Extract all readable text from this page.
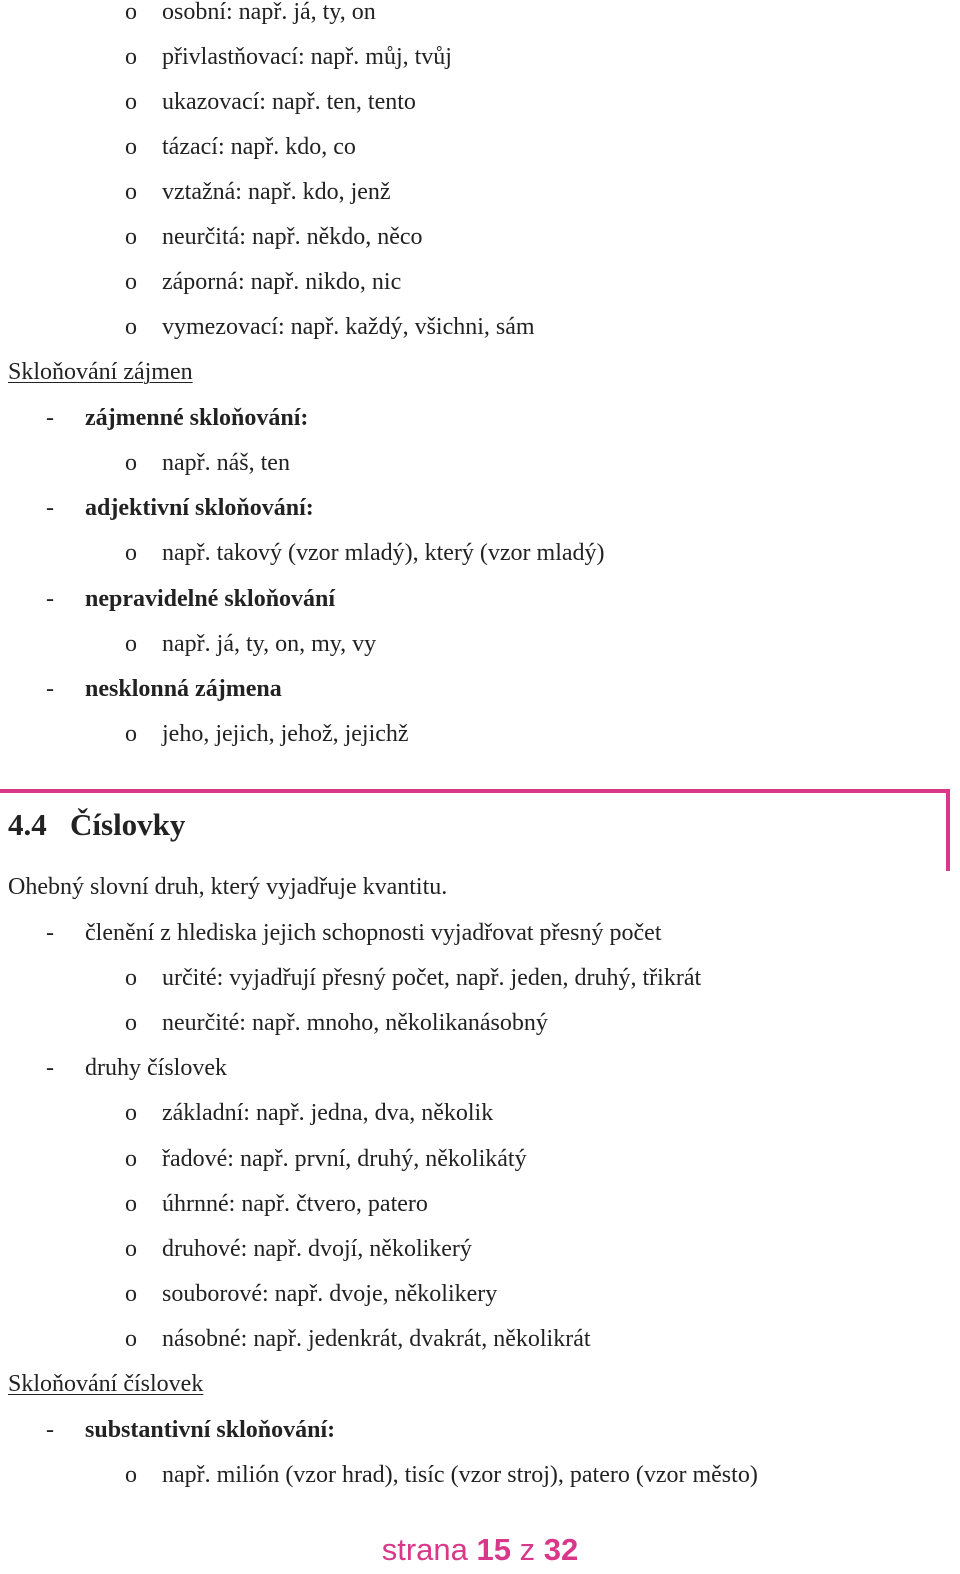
o osobní: např. já, ty, on
o přivlastňovací: např. můj, tvůj
o ukazovací: např. ten, tento
o tázací: např. kdo, co
o vztažná: např. kdo, jenž
o neurčitá: např. někdo, něco
o záporná: např. nikdo, nic
o vymezovací: např. každý, všichni, sám
Skloňování zájmen
- zájmenné skloňování:
o např. náš, ten
- adjektivní skloňování:
o např. takový (vzor mladý), který (vzor mladý)
- nepravidelné skloňování
o např. já, ty, on, my, vy
- nesklonná zájmena
o jeho, jejich, jehož, jejichž
4.4 Číslovky
Ohebný slovní druh, který vyjadřuje kvantitu.
- členění z hlediska jejich schopnosti vyjadřovat přesný počet
o určité: vyjadřují přesný počet, např. jeden, druhý, třikrát
o neurčité: např. mnoho, několikanásobný
- druhy číslovek
o základní: např. jedna, dva, několik
o řadové: např. první, druhý, několikátý
o úhrnné: např. čtvero, patero
o druhové: např. dvojí, několikerý
o souborové: např. dvoje, několikery
o násobné: např. jedenkrát, dvakrát, několikrát
Skloňování číslovek
- substantivní skloňování:
o např. milión (vzor hrad), tisíc (vzor stroj), patero (vzor město)
strana 15 z 32
